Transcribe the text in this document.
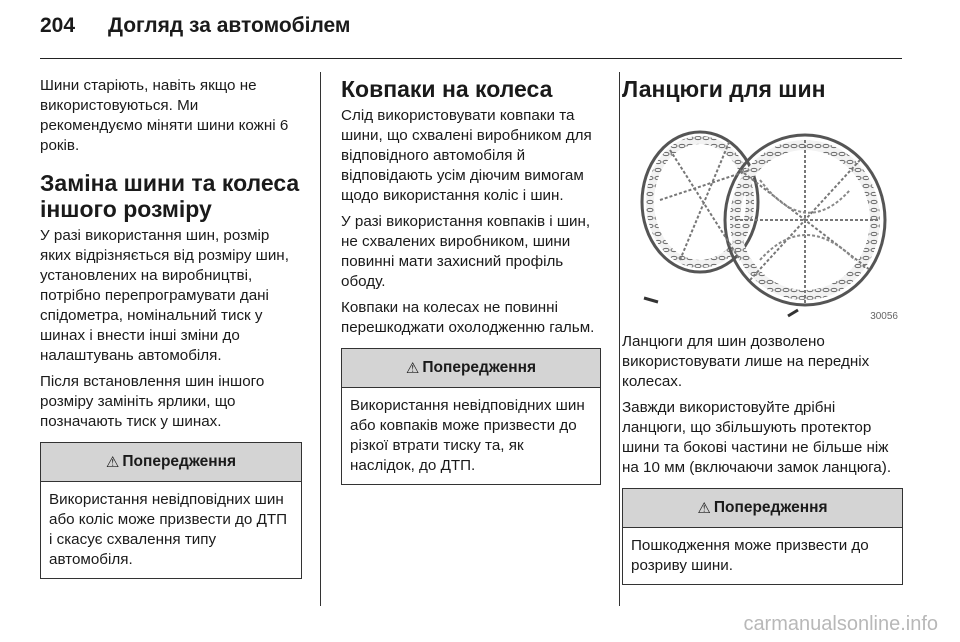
204	Догляд за автомобілем

Шини старіють, навіть якщо не використовуються. Ми рекомендуємо міняти шини кожні 6 років.

Заміна шини та колеса іншого розміру

У разі використання шин, розмір яких відрізняється від розміру шин, установлених на виробництві, потрібно перепрограмувати дані спідометра, номінальний тиск у шинах і внести інші зміни до налаштувань автомобіля.

Після встановлення шин іншого розміру замініть ярлики, що позначають тиск у шинах.

⚠ Попередження

Використання невідповідних шин або коліс може призвести до ДТП і скасує схвалення типу автомобіля.

Ковпаки на колеса

Слід використовувати ковпаки та шини, що схвалені виробником для відповідного автомобіля й відповідають усім діючим вимогам щодо використання коліс і шин.

У разі використання ковпаків і шин, не схвалених виробником, шини повинні мати захисний профіль ободу.

Ковпаки на колесах не повинні перешкоджати охолодженню гальм.

⚠ Попередження

Використання невідповідних шин або ковпаків може призвести до різкої втрати тиску та, як наслідок, до ДТП.

Ланцюги для шин
30056

Ланцюги для шин дозволено використовувати лише на передніх колесах.

Завжди використовуйте дрібні ланцюги, що збільшують протектор шини та бокові частини не більше ніж на 10 мм (включаючи замок ланцюга).

⚠ Попередження

Пошкодження може призвести до розриву шини.

carmanualsonline.info
